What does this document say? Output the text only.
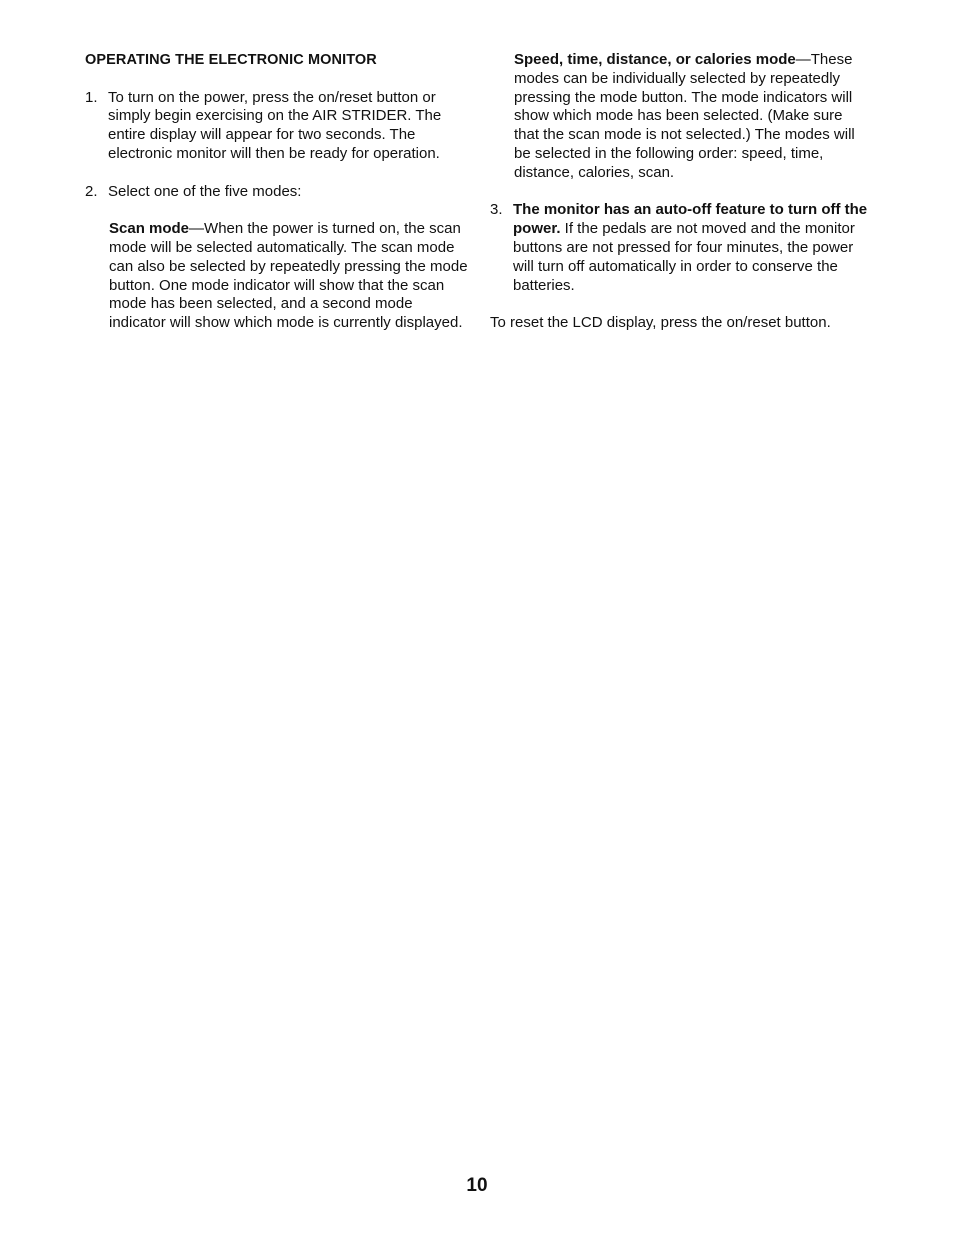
OPERATING THE ELECTRONIC MONITOR
1. To turn on the power, press the on/reset button or simply begin exercising on the AIR STRIDER. The entire display will appear for two seconds. The electronic monitor will then be ready for operation.
2. Select one of the five modes:
Scan mode—When the power is turned on, the scan mode will be selected automatically. The scan mode can also be selected by repeatedly pressing the mode button. One mode indicator will show that the scan mode has been selected, and a second mode indicator will show which mode is currently displayed.
Speed, time, distance, or calories mode—These modes can be individually selected by repeatedly pressing the mode button. The mode indicators will show which mode has been selected. (Make sure that the scan mode is not selected.) The modes will be selected in the following order: speed, time, distance, calories, scan.
3. The monitor has an auto-off feature to turn off the power. If the pedals are not moved and the monitor buttons are not pressed for four minutes, the power will turn off automatically in order to conserve the batteries.
To reset the LCD display, press the on/reset button.
10
